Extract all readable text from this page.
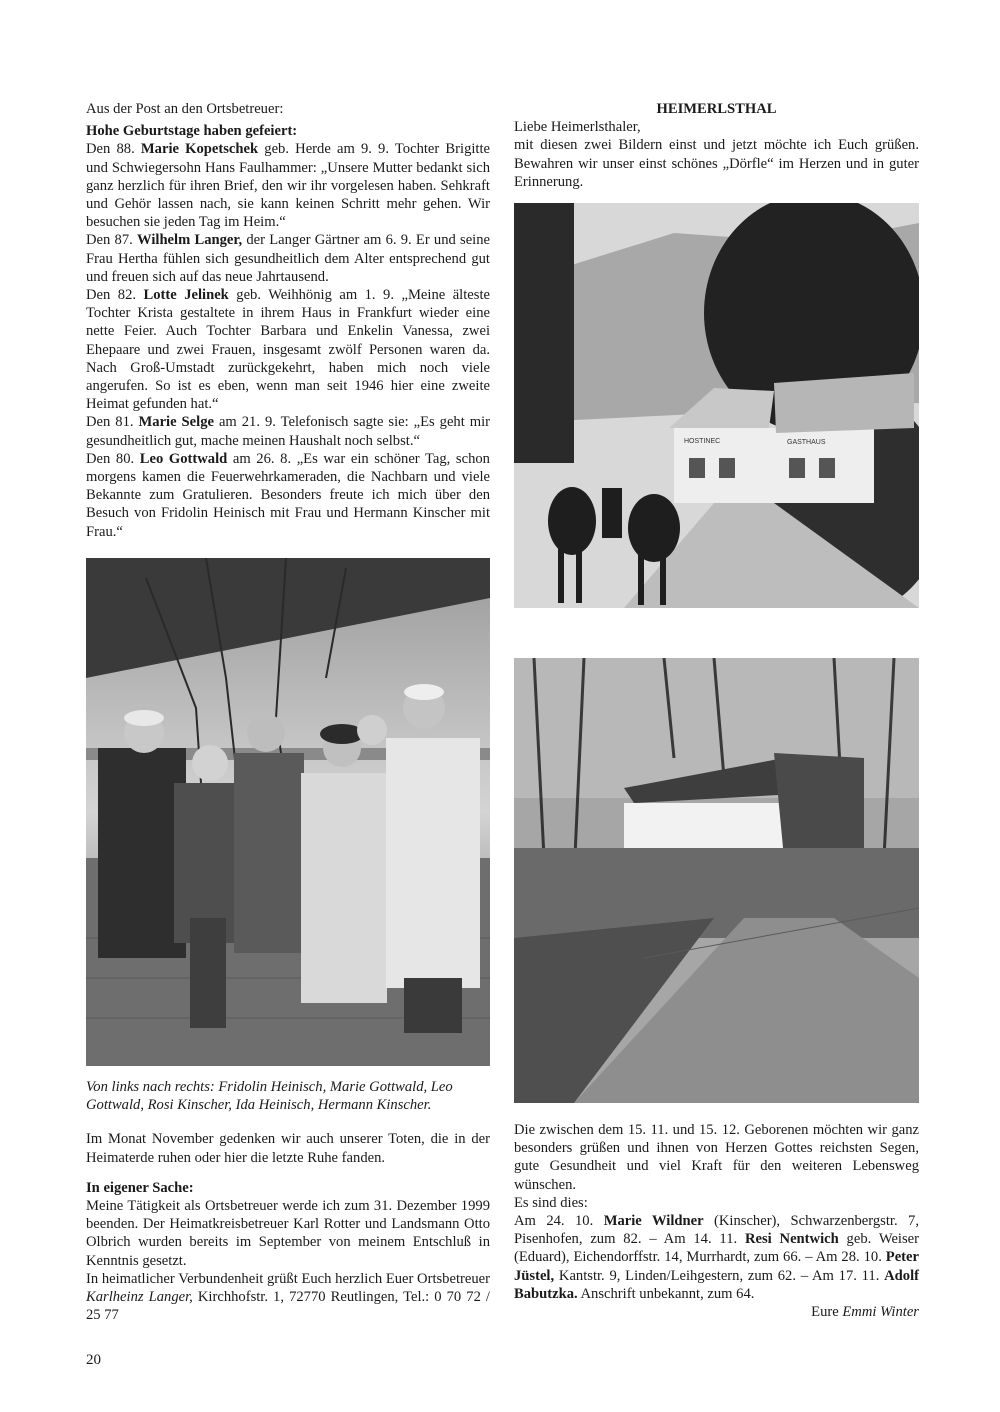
Aus der Post an den Ortsbetreuer:

Hohe Geburtstage haben gefeiert:

Den 88. Marie Kopetschek geb. Herde am 9. 9. Tochter Brigitte und Schwiegersohn Hans Faulhammer: „Unsere Mutter bedankt sich ganz herzlich für ihren Brief, den wir ihr vorgelesen haben. Sehkraft und Gehör lassen nach, sie kann keinen Schritt mehr gehen. Wir besuchen sie jeden Tag im Heim.“

Den 87. Wilhelm Langer, der Langer Gärtner am 6. 9. Er und seine Frau Hertha fühlen sich gesundheitlich dem Alter entsprechend gut und freuen sich auf das neue Jahrtausend.

Den 82. Lotte Jelinek geb. Weihhönig am 1. 9. „Meine älteste Tochter Krista gestaltete in ihrem Haus in Frankfurt wieder eine nette Feier. Auch Tochter Barbara und Enkelin Vanessa, zwei Ehepaare und zwei Frauen, insgesamt zwölf Personen waren da. Nach Groß-Umstadt zurückgekehrt, haben mich noch viele angerufen. So ist es eben, wenn man seit 1946 hier eine zweite Heimat gefunden hat.“

Den 81. Marie Selge am 21. 9. Telefonisch sagte sie: „Es geht mir gesundheitlich gut, mache meinen Haushalt noch selbst.“

Den 80. Leo Gottwald am 26. 8. „Es war ein schöner Tag, schon morgens kamen die Feuerwehrkameraden, die Nachbarn und viele Bekannte zum Gratulieren. Besonders freute ich mich über den Besuch von Fridolin Heinisch mit Frau und Hermann Kinscher mit Frau.“

Von links nach rechts: Fridolin Heinisch, Marie Gottwald, Leo Gottwald, Rosi Kinscher, Ida Heinisch, Hermann Kinscher.

Im Monat November gedenken wir auch unserer Toten, die in der Heimaterde ruhen oder hier die letzte Ruhe fanden.

In eigener Sache:

Meine Tätigkeit als Ortsbetreuer werde ich zum 31. Dezember 1999 beenden. Der Heimatkreisbetreuer Karl Rotter und Landsmann Otto Olbrich wurden bereits im September von meinem Entschluß in Kenntnis gesetzt.

In heimatlicher Verbundenheit grüßt Euch herzlich Euer Ortsbetreuer Karlheinz Langer, Kirchhofstr. 1, 72770 Reutlingen, Tel.: 0 70 72 / 25 77

HEIMERLSTHAL

Liebe Heimerlsthaler,

mit diesen zwei Bildern einst und jetzt möchte ich Euch grüßen. Bewahren wir unser einst schönes „Dörfle“ im Herzen und in guter Erinnerung.

HOSTINEC	GASTHAUS

Die zwischen dem 15. 11. und 15. 12. Geborenen möchten wir ganz besonders grüßen und ihnen von Herzen Gottes reichsten Segen, gute Gesundheit und viel Kraft für den weiteren Lebensweg wünschen.

Es sind dies:

Am 24. 10. Marie Wildner (Kinscher), Schwarzenbergstr. 7, Pisenhofen, zum 82. – Am 14. 11. Resi Nentwich geb. Weiser (Eduard), Eichendorffstr. 14, Murrhardt, zum 66. – Am 28. 10. Peter Jüstel, Kantstr. 9, Linden/Leihgestern, zum 62. – Am 17. 11. Adolf Babutzka. Anschrift unbekannt, zum 64.

Eure Emmi Winter

20
